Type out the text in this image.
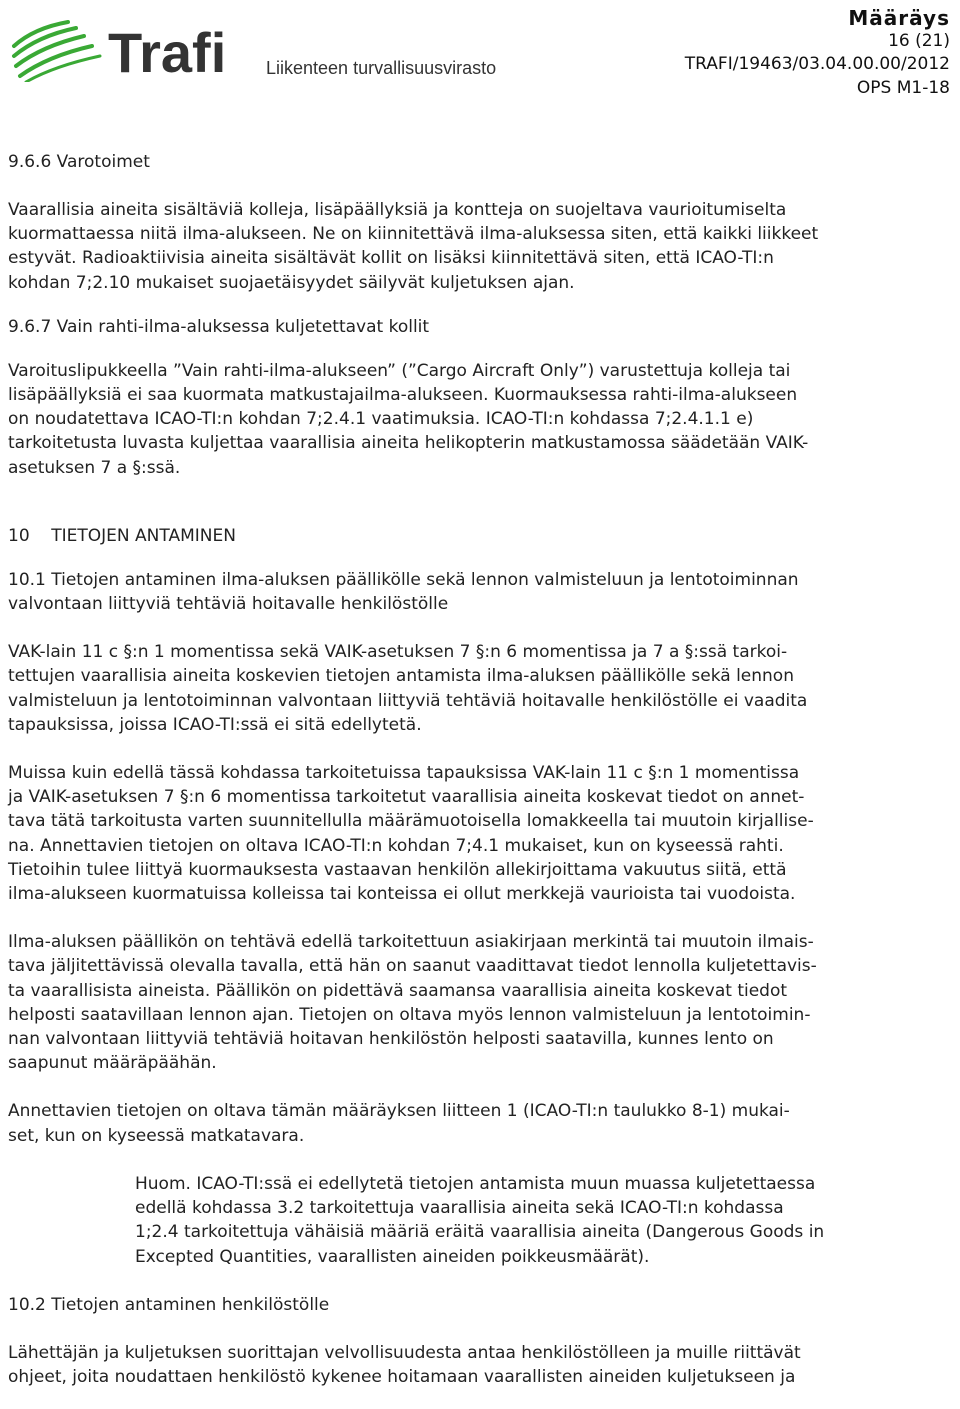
Trafi Liikenteen turvallisuusvirasto
Määräys
16 (21)
TRAFI/19463/03.04.00.00/2012
OPS M1-18
9.6.6 Varotoimet

Vaarallisia aineita sisältäviä kolleja, lisäpäällyksiä ja kontteja on suojeltava vaurioitumiselta

kuormattaessa niitä ilma-alukseen. Ne on kiinnitettävä ilma-aluksessa siten, että kaikki liikkeet

estyvät. Radioaktiivisia aineita sisältävät kollit on lisäksi kiinnitettävä siten, että ICAO-TI:n

kohdan 7;2.10 mukaiset suojaetäisyydet säilyvät kuljetuksen ajan.

9.6.7 Vain rahti-ilma-aluksessa kuljetettavat kollit

Varoituslipukkeella ”Vain rahti-ilma-alukseen” (”Cargo Aircraft Only”) varustettuja kolleja tai

lisäpäällyksiä ei saa kuormata matkustajailma-alukseen. Kuormauksessa rahti-ilma-alukseen

on noudatettava ICAO-TI:n kohdan 7;2.4.1 vaatimuksia. ICAO-TI:n kohdassa 7;2.4.1.1 e)

tarkoitetusta luvasta kuljettaa vaarallisia aineita helikopterin matkustamossa säädetään VAIK-

asetuksen 7 a §:ssä.

10    TIETOJEN ANTAMINEN

10.1 Tietojen antaminen ilma-aluksen päällikölle sekä lennon valmisteluun ja lentotoiminnan

valvontaan liittyviä tehtäviä hoitavalle henkilöstölle

VAK-lain 11 c §:n 1 momentissa sekä VAIK-asetuksen 7 §:n 6 momentissa ja 7 a §:ssä tarkoi-

tettujen vaarallisia aineita koskevien tietojen antamista ilma-aluksen päällikölle sekä lennon

valmisteluun ja lentotoiminnan valvontaan liittyviä tehtäviä hoitavalle henkilöstölle ei vaadita

tapauksissa, joissa ICAO-TI:ssä ei sitä edellytetä.

Muissa kuin edellä tässä kohdassa tarkoitetuissa tapauksissa VAK-lain 11 c §:n 1 momentissa

ja VAIK-asetuksen 7 §:n 6 momentissa tarkoitetut vaarallisia aineita koskevat tiedot on annet-

tava tätä tarkoitusta varten suunnitellulla määrämuotoisella lomakkeella tai muutoin kirjallise-

na. Annettavien tietojen on oltava ICAO-TI:n kohdan 7;4.1 mukaiset, kun on kyseessä rahti.

Tietoihin tulee liittyä kuormauksesta vastaavan henkilön allekirjoittama vakuutus siitä, että

ilma-alukseen kuormatuissa kolleissa tai konteissa ei ollut merkkejä vaurioista tai vuodoista.

Ilma-aluksen päällikön on tehtävä edellä tarkoitettuun asiakirjaan merkintä tai muutoin ilmais-

tava jäljitettävissä olevalla tavalla, että hän on saanut vaadittavat tiedot lennolla kuljetettavis-

ta vaarallisista aineista. Päällikön on pidettävä saamansa vaarallisia aineita koskevat tiedot

helposti saatavillaan lennon ajan. Tietojen on oltava myös lennon valmisteluun ja lentotoimin-

nan valvontaan liittyviä tehtäviä hoitavan henkilöstön helposti saatavilla, kunnes lento on

saapunut määräpäähän.

Annettavien tietojen on oltava tämän määräyksen liitteen 1 (ICAO-TI:n taulukko 8-1) mukai-

set, kun on kyseessä matkatavara.

Huom. ICAO-TI:ssä ei edellytetä tietojen antamista muun muassa kuljetettaessa

edellä kohdassa 3.2 tarkoitettuja vaarallisia aineita sekä ICAO-TI:n kohdassa

1;2.4 tarkoitettuja vähäisiä määriä eräitä vaarallisia aineita (Dangerous Goods in

Excepted Quantities, vaarallisten aineiden poikkeusmäärät).

10.2 Tietojen antaminen henkilöstölle

Lähettäjän ja kuljetuksen suorittajan velvollisuudesta antaa henkilöstölleen ja muille riittävät

ohjeet, joita noudattaen henkilöstö kykenee hoitamaan vaarallisten aineiden kuljetukseen ja
